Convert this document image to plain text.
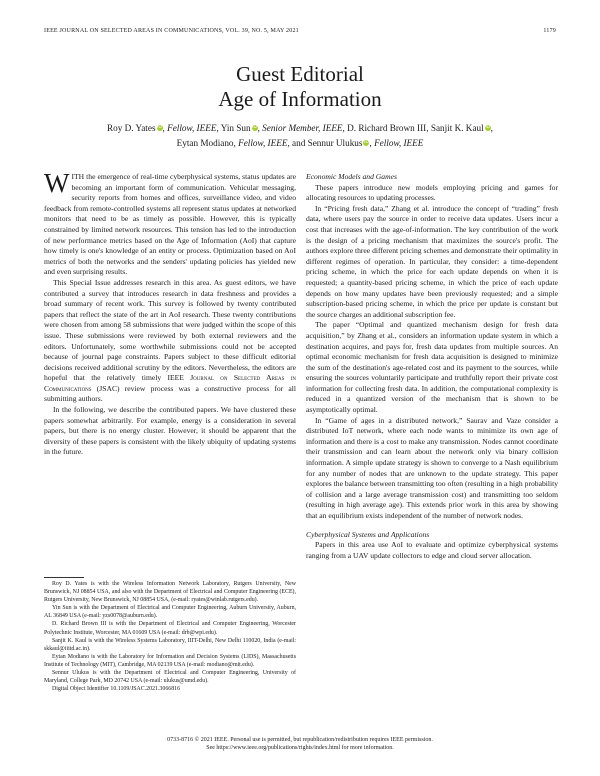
IEEE JOURNAL ON SELECTED AREAS IN COMMUNICATIONS, VOL. 39, NO. 5, MAY 2021	1179
Guest Editorial
Age of Information
Roy D. Yates iD, Fellow, IEEE, Yin Sun iD, Senior Member, IEEE, D. Richard Brown III, Sanjit K. Kaul iD,
Eytan Modiano, Fellow, IEEE, and Sennur Ulukus iD, Fellow, IEEE

WITH the emergence of real-time cyberphysical systems, status updates are becoming an important form of communication. Vehicular messaging, security reports from homes and offices, surveillance video, and video feedback from remote-controlled systems all represent status updates at networked monitors that need to be as timely as possible. However, this is typically constrained by limited network resources. This tension has led to the introduction of new performance metrics based on the Age of Information (AoI) that capture how timely is one's knowledge of an entity or process. Optimization based on AoI metrics of both the networks and the senders' updating policies has yielded new and even surprising results.

This Special Issue addresses research in this area. As guest editors, we have contributed a survey that introduces research in data freshness and provides a broad summary of recent work. This survey is followed by twenty contributed papers that reflect the state of the art in AoI research. These twenty contributions were chosen from among 58 submissions that were judged within the scope of this issue. These submissions were reviewed by both external reviewers and the editors. Unfortunately, some worthwhile submissions could not be accepted because of journal page constraints. Papers subject to these difficult editorial decisions received additional scrutiny by the editors. Nevertheless, the editors are hopeful that the relatively timely IEEE Journal on Selected Areas in Communications (JSAC) review process was a constructive process for all submitting authors.

In the following, we describe the contributed papers. We have clustered these papers somewhat arbitrarily. For example, energy is a consideration in several papers, but there is no energy cluster. However, it should be apparent that the diversity of these papers is consistent with the likely ubiquity of updating systems in the future.

Roy D. Yates is with the Wireless Information Network Laboratory, Rutgers University, New Brunswick, NJ 08854 USA, and also with the Department of Electrical and Computer Engineering (ECE), Rutgers University, New Brunswick, NJ 08854 USA, (e-mail: ryates@winlab.rutgers.edu).

Yin Sun is with the Department of Electrical and Computer Engineering, Auburn University, Auburn, AL 36849 USA (e-mail: yzs0078@auburn.edu).

D. Richard Brown III is with the Department of Electrical and Computer Engineering, Worcester Polytechnic Institute, Worcester, MA 01609 USA (e-mail: drb@wpi.edu).

Sanjit K. Kaul is with the Wireless Systems Laboratory, IIIT-Delhi, New Delhi 110020, India (e-mail: skkaul@iiitd.ac.in).

Eytan Modiano is with the Laboratory for Information and Decision Systems (LIDS), Massachusetts Institute of Technology (MIT), Cambridge, MA 02139 USA (e-mail: modiano@mit.edu).

Sennur Ulukus is with the Department of Electrical and Computer Engineering, University of Maryland, College Park, MD 20742 USA (e-mail: ulukus@umd.edu).

Digital Object Identifier 10.1109/JSAC.2021.3066816

Economic Models and Games

These papers introduce new models employing pricing and games for allocating resources to updating processes.

In “Pricing fresh data,” Zhang et al. introduce the concept of “trading” fresh data, where users pay the source in order to receive data updates. Users incur a cost that increases with the age-of-information. The key contribution of the work is the design of a pricing mechanism that maximizes the source's profit. The authors explore three different pricing schemes and demonstrate their optimality in different regimes of operation. In particular, they consider: a time-dependent pricing scheme, in which the price for each update depends on when it is requested; a quantity-based pricing scheme, in which the price of each update depends on how many updates have been previously requested; and a simple subscription-based pricing scheme, in which the price per update is constant but the source charges an additional subscription fee.

The paper “Optimal and quantized mechanism design for fresh data acquisition,” by Zhang et al., considers an information update system in which a destination acquires, and pays for, fresh data updates from multiple sources. An optimal economic mechanism for fresh data acquisition is designed to minimize the sum of the destination's age-related cost and its payment to the sources, while ensuring the sources voluntarily participate and truthfully report their private cost information for collecting fresh data. In addition, the computational complexity is reduced in a quantized version of the mechanism that is shown to be asymptotically optimal.

In “Game of ages in a distributed network,” Saurav and Vaze consider a distributed IoT network, where each node wants to minimize its own age of information and there is a cost to make any transmission. Nodes cannot coordinate their transmission and can learn about the network only via binary collision information. A simple update strategy is shown to converge to a Nash equilibrium for any number of nodes that are unknown to the update strategy. This paper explores the balance between transmitting too often (resulting in a high probability of collision and a large average transmission cost) and transmitting too seldom (resulting in high average age). This extends prior work in this area by showing that an equilibrium exists independent of the number of network nodes.

Cyberphysical Systems and Applications

Papers in this area use AoI to evaluate and optimize cyberphysical systems ranging from a UAV update collectors to edge and cloud server allocation.

0733-8716 © 2021 IEEE. Personal use is permitted, but republication/redistribution requires IEEE permission.
See https://www.ieee.org/publications/rights/index.html for more information.
